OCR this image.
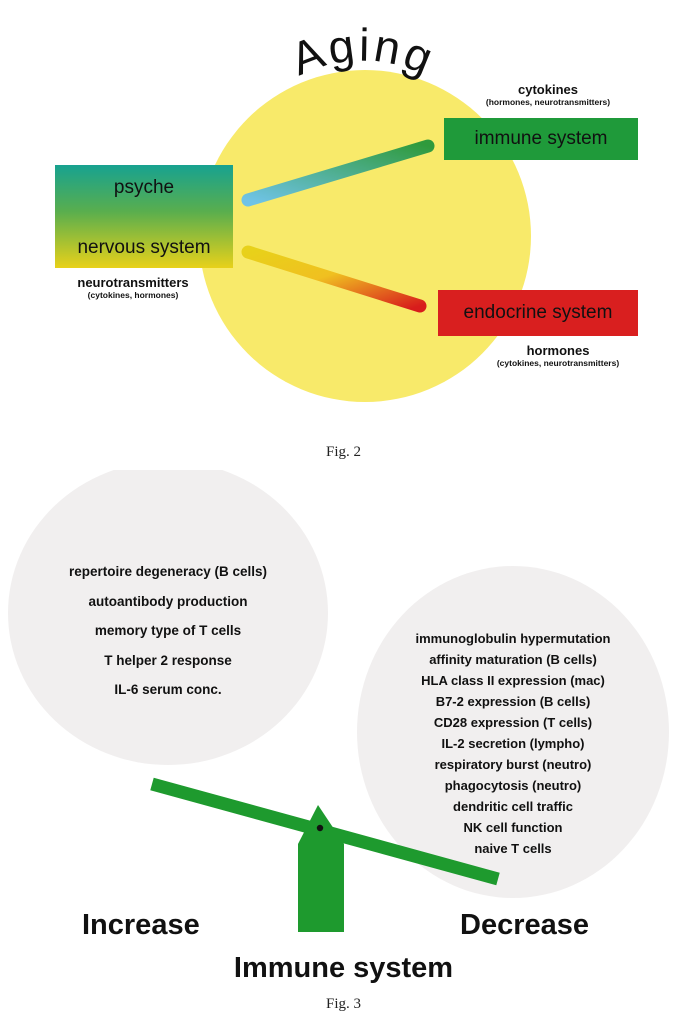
Aging
psyche
nervous system
immune system
endocrine system
cytokines
(hormones, neurotransmitters)
neurotransmitters
(cytokines, hormones)
hormones
(cytokines, neurotransmitters)
Fig. 2
repertoire degeneracy (B cells)
autoantibody production
memory type of T cells
T helper 2 response
IL-6 serum conc.
immunoglobulin hypermutation
affinity maturation (B cells)
HLA class II expression (mac)
B7-2 expression (B cells)
CD28 expression (T cells)
IL-2 secretion (lympho)
respiratory burst (neutro)
phagocytosis (neutro)
dendritic cell traffic
NK cell function
naive T cells
Increase	Decrease
Immune system
Fig. 3
